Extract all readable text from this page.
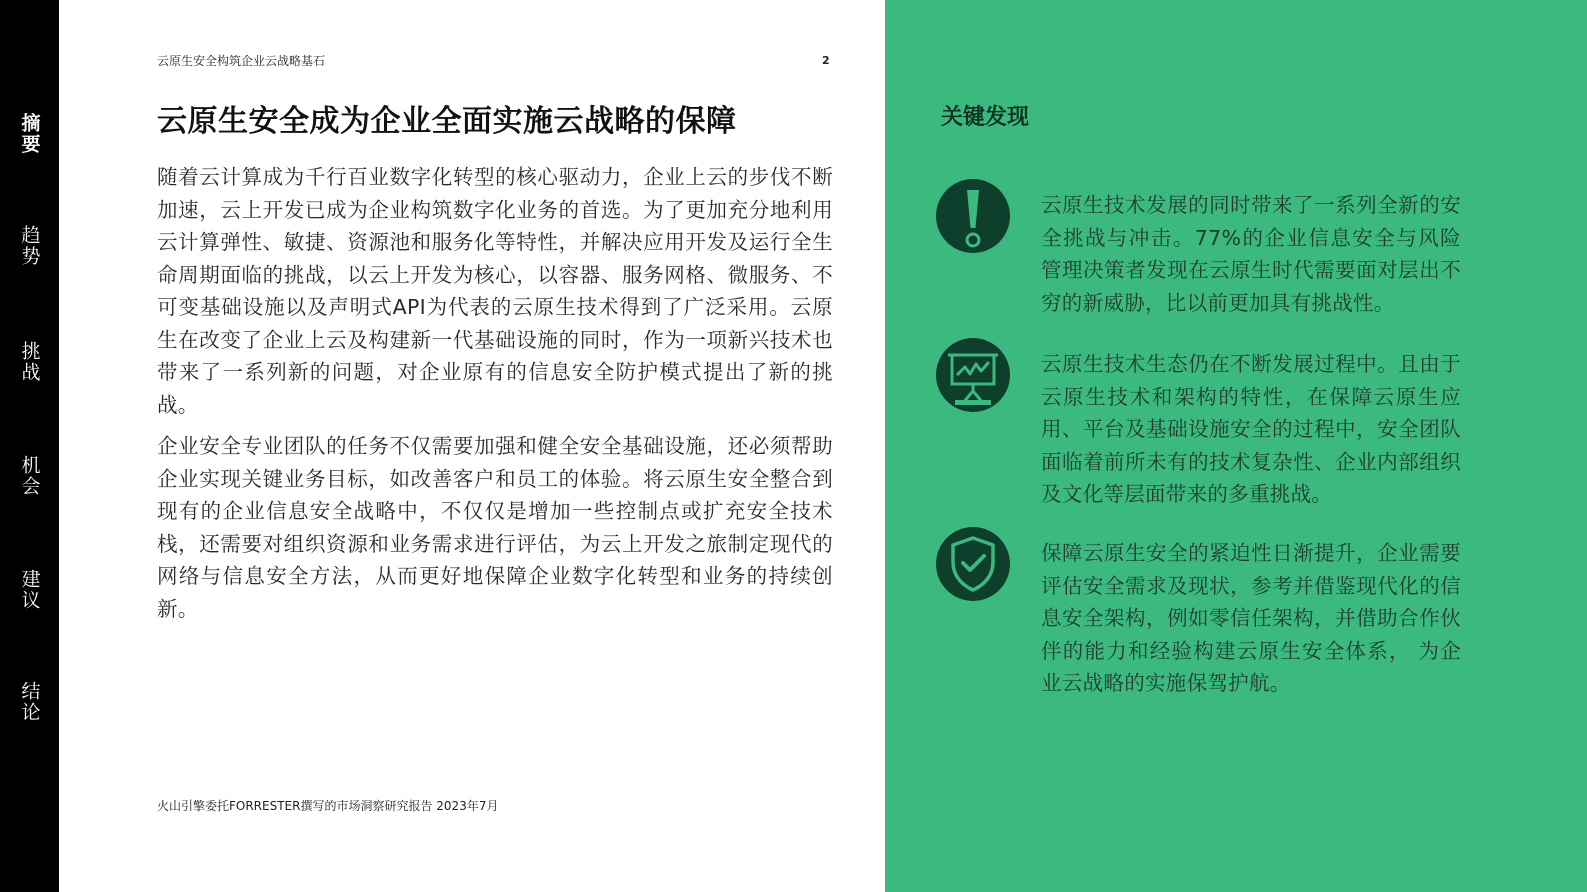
摘要
趋势
挑战
机会
建议
结论
云原生安全构筑企业云战略基石	2
云原生安全成为企业全面实施云战略的保障

随着云计算成为千行百业数字化转型的核心驱动力，企业上云的步伐不断加速，云上开发已成为企业构筑数字化业务的首选。为了更加充分地利用云计算弹性、敏捷、资源池和服务化等特性，并解决应用开发及运行全生命周期面临的挑战，以云上开发为核心，以容器、服务网格、微服务、不可变基础设施以及声明式API为代表的云原生技术得到了广泛采用。云原生在改变了企业上云及构建新一代基础设施的同时，作为一项新兴技术也带来了一系列新的问题，对企业原有的信息安全防护模式提出了新的挑战。

企业安全专业团队的任务不仅需要加强和健全安全基础设施，还必须帮助企业实现关键业务目标，如改善客户和员工的体验。将云原生安全整合到现有的企业信息安全战略中，不仅仅是增加一些控制点或扩充安全技术栈，还需要对组织资源和业务需求进行评估，为云上开发之旅制定现代的网络与信息安全方法，从而更好地保障企业数字化转型和业务的持续创新。

火山引擎委托FORRESTER撰写的市场洞察研究报告 2023年7月
关键发现

云原生技术发展的同时带来了一系列全新的安全挑战与冲击。77%的企业信息安全与风险管理决策者发现在云原生时代需要面对层出不穷的新威胁，比以前更加具有挑战性。

云原生技术生态仍在不断发展过程中。且由于云原生技术和架构的特性，在保障云原生应用、平台及基础设施安全的过程中，安全团队面临着前所未有的技术复杂性、企业内部组织及文化等层面带来的多重挑战。

保障云原生安全的紧迫性日渐提升，企业需要评估安全需求及现状，参考并借鉴现代化的信息安全架构，例如零信任架构，并借助合作伙伴的能力和经验构建云原生安全体系， 为企业云战略的实施保驾护航。
